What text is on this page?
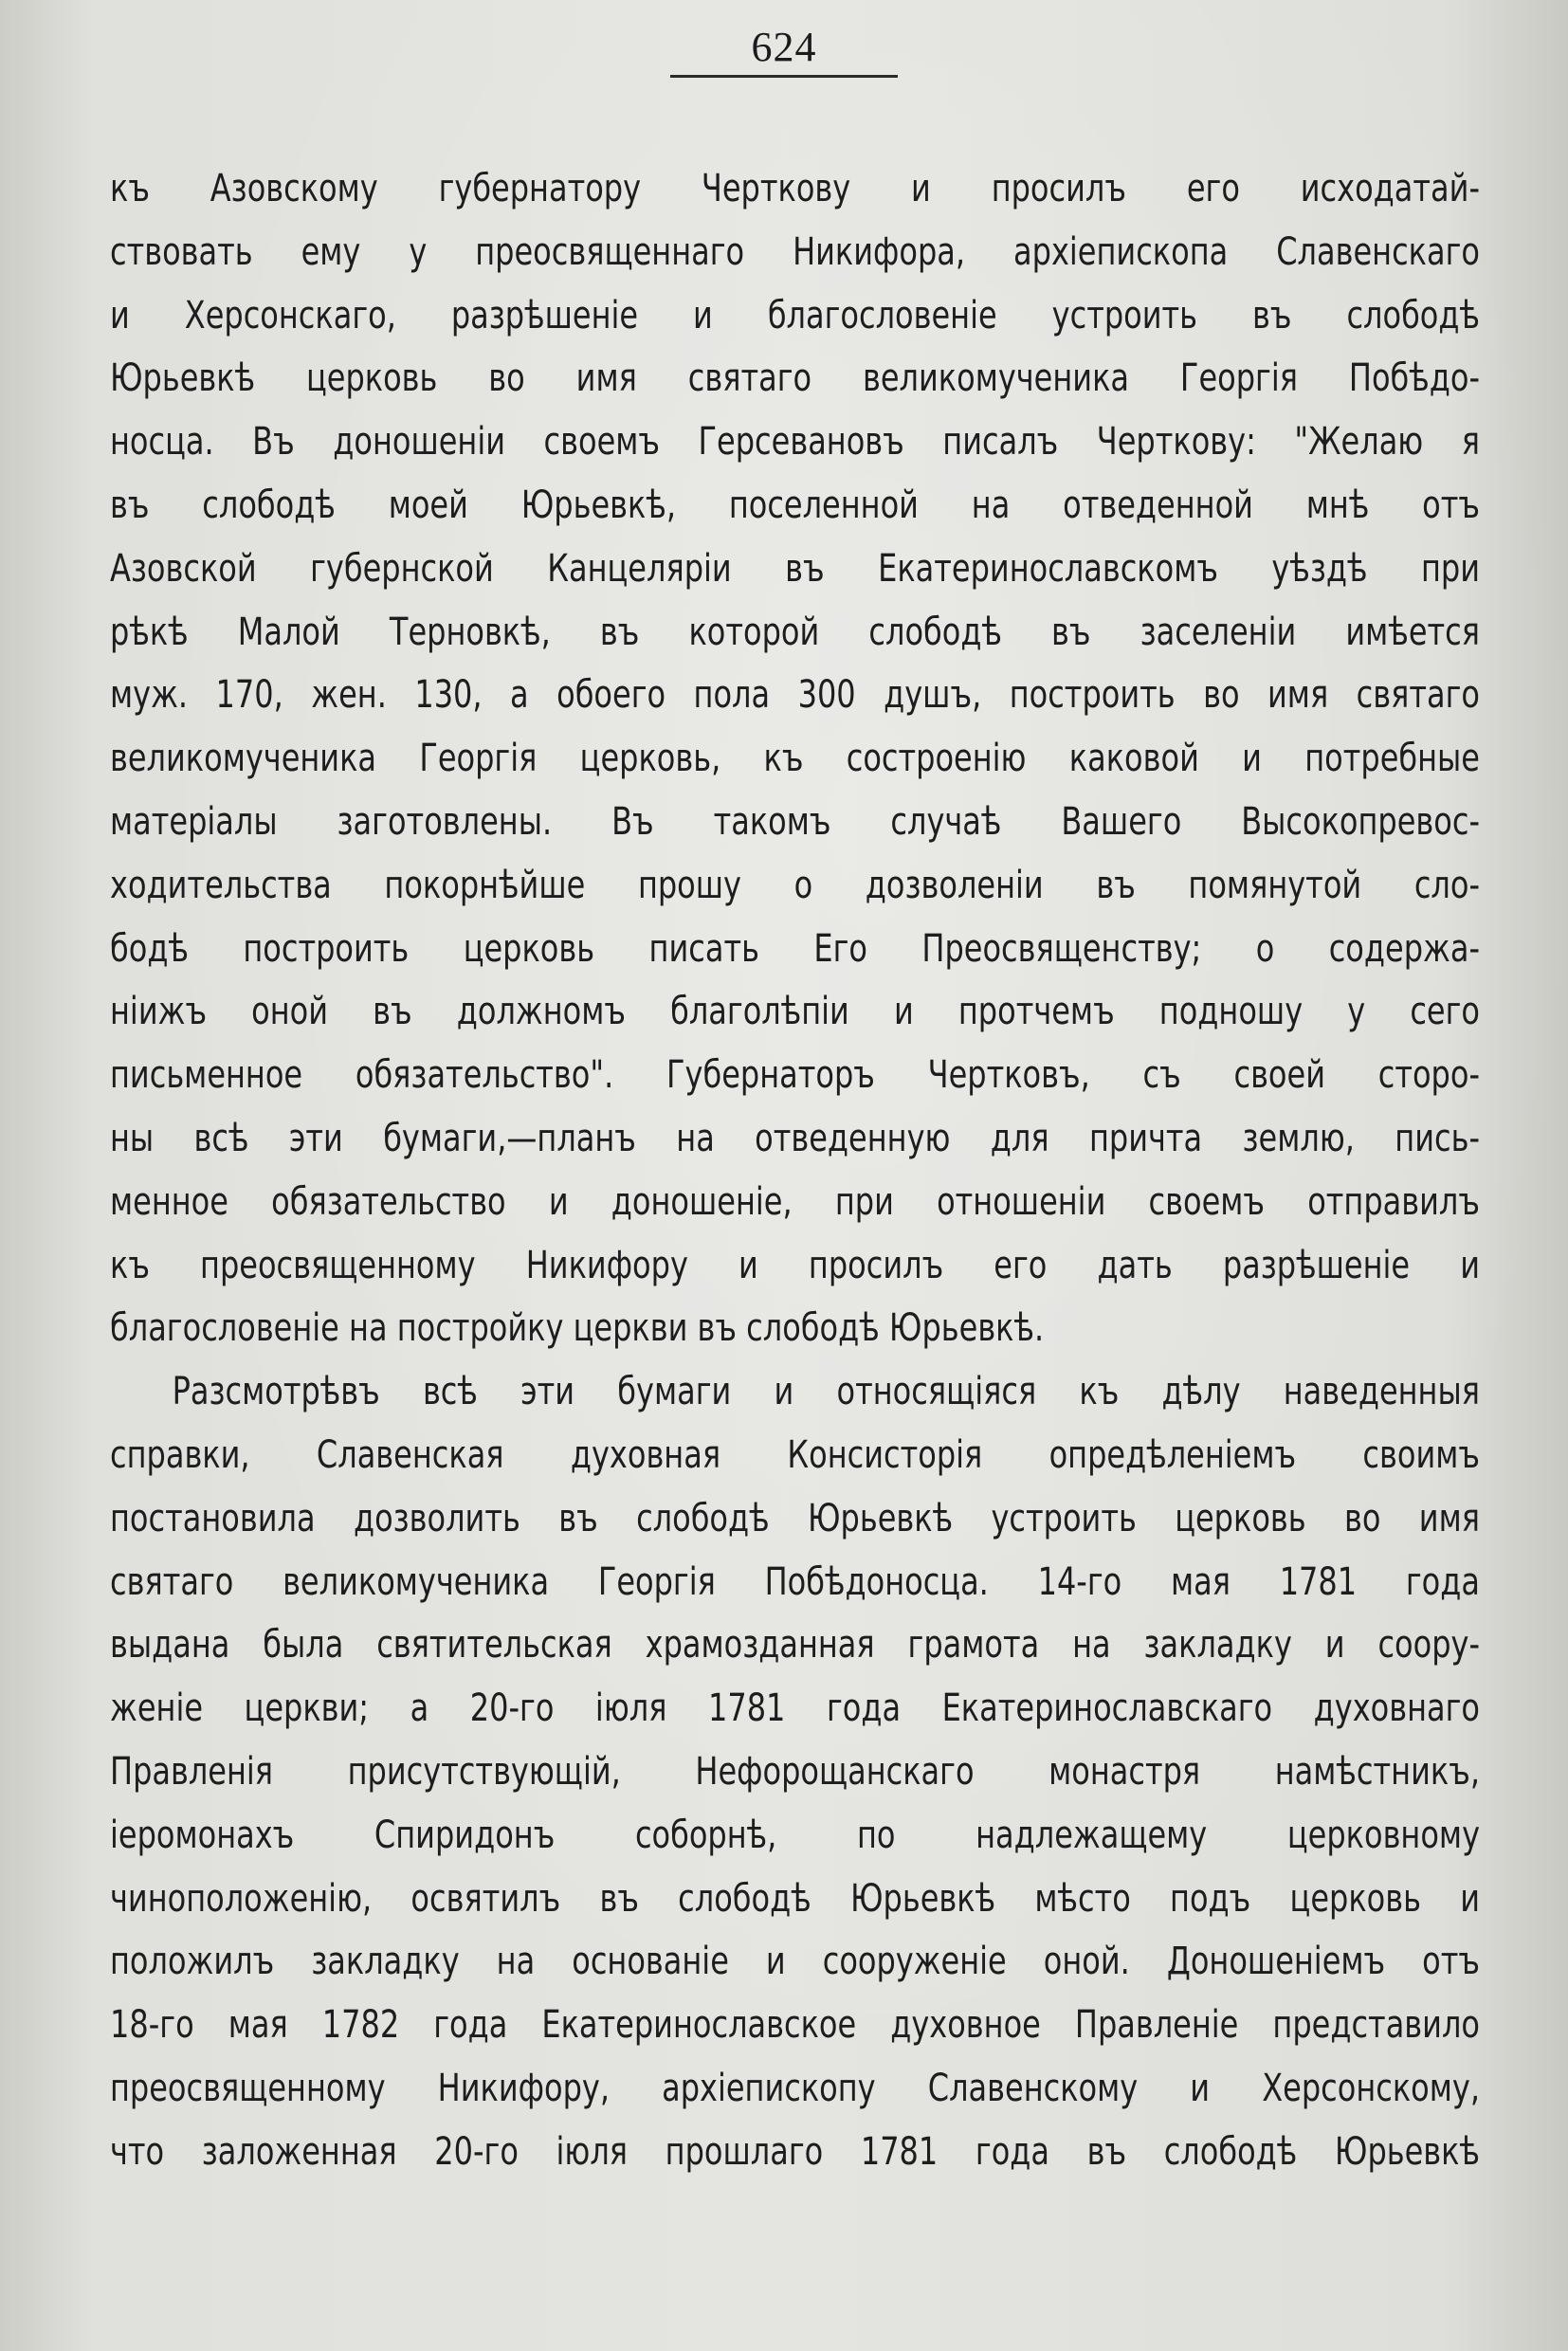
624
къ Азовскому губернатору Черткову и просилъ его исходатай-
ствовать ему у преосвященнаго Никифора, архіепископа Славенскаго
и Херсонскаго, разрѣшеніе и благословеніе устроить въ слободѣ
Юрьевкѣ церковь во имя святаго великомученика Георгія Побѣдо-
носца. Въ доношеніи своемъ Герсевановъ писалъ Черткову: "Желаю я
въ слободѣ моей Юрьевкѣ, поселенной на отведенной мнѣ отъ
Азовской губернской Канцеляріи въ Екатеринославскомъ уѣздѣ при
рѣкѣ Малой Терновкѣ, въ которой слободѣ въ заселеніи имѣется
муж. 170, жен. 130, а обоего пола 300 душъ, построить во имя святаго
великомученика Георгія церковь, къ состроенію каковой и потребные
матеріалы заготовлены. Въ такомъ случаѣ Вашего Высокопревос-
ходительства покорнѣйше прошу о дозволеніи въ помянутой сло-
бодѣ построить церковь писать Его Преосвященству; о содержа-
ніижъ оной въ должномъ благолѣпіи и протчемъ подношу у сего
письменное обязательство". Губернаторъ Чертковъ, съ своей сторо-
ны всѣ эти бумаги,—планъ на отведенную для причта землю, пись-
менное обязательство и доношеніе, при отношеніи своемъ отправилъ
къ преосвященному Никифору и просилъ его дать разрѣшеніе и
благословеніе на постройку церкви въ слободѣ Юрьевкѣ.
Разсмотрѣвъ всѣ эти бумаги и относящіяся къ дѣлу наведенныя
справки, Славенская духовная Консисторія опредѣленіемъ своимъ
постановила дозволить въ слободѣ Юрьевкѣ устроить церковь во имя
святаго великомученика Георгія Побѣдоносца. 14-го мая 1781 года
выдана была святительская храмозданная грамота на закладку и соору-
женіе церкви; а 20-го іюля 1781 года Екатеринославскаго духовнаго
Правленія присутствующій, Нефорощанскаго монастря намѣстникъ,
іеромонахъ Спиридонъ соборнѣ, по надлежащему церковному
чиноположенію, освятилъ въ слободѣ Юрьевкѣ мѣсто подъ церковь и
положилъ закладку на основаніе и сооруженіе оной. Доношеніемъ отъ
18-го мая 1782 года Екатеринославское духовное Правленіе представило
преосвященному Никифору, архіепископу Славенскому и Херсонскому,
что заложенная 20-го іюля прошлаго 1781 года въ слободѣ Юрьевкѣ
